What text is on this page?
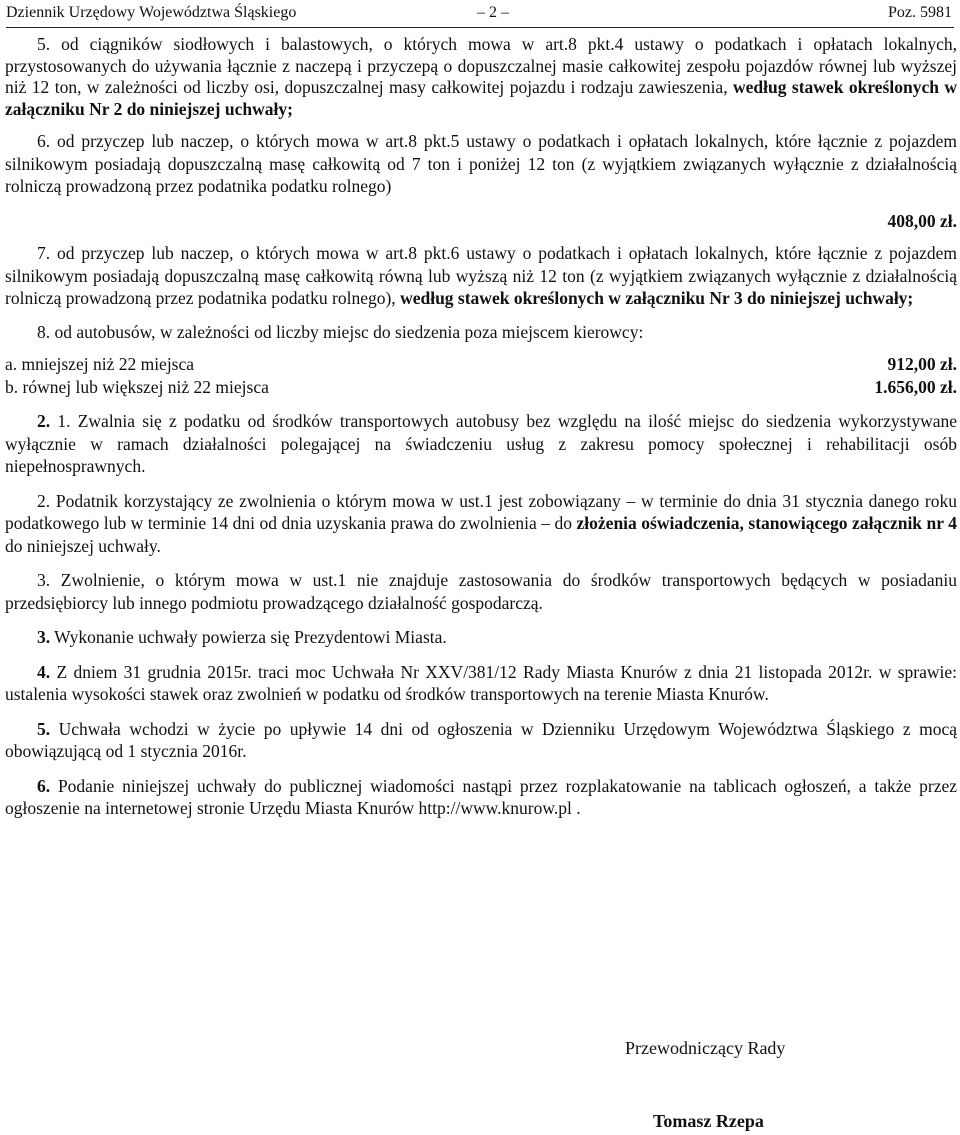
Dziennik Urzędowy Województwa Śląskiego	– 2 –	Poz. 5981

5. od ciągników siodłowych i balastowych, o których mowa w art.8 pkt.4 ustawy o podatkach i opłatach lokalnych, przystosowanych do używania łącznie z naczepą i przyczepą o dopuszczalnej masie całkowitej zespołu pojazdów równej lub wyższej niż 12 ton, w zależności od liczby osi, dopuszczalnej masy całkowitej pojazdu i rodzaju zawieszenia, według stawek określonych w załączniku Nr 2 do niniejszej uchwały;

6. od przyczep lub naczep, o których mowa w art.8 pkt.5 ustawy o podatkach i opłatach lokalnych, które łącznie z pojazdem silnikowym posiadają dopuszczalną masę całkowitą od 7 ton i poniżej 12 ton (z wyjątkiem związanych wyłącznie z działalnością rolniczą prowadzoną przez podatnika podatku rolnego)

408,00 zł.

7. od przyczep lub naczep, o których mowa w art.8 pkt.6 ustawy o podatkach i opłatach lokalnych, które łącznie z pojazdem silnikowym posiadają dopuszczalną masę całkowitą równą lub wyższą niż 12 ton (z wyjątkiem związanych wyłącznie z działalnością rolniczą prowadzoną przez podatnika podatku rolnego), według stawek określonych w załączniku Nr 3 do niniejszej uchwały;

8. od autobusów, w zależności od liczby miejsc do siedzenia poza miejscem kierowcy:

a. mniejszej niż 22 miejsca	912,00 zł.
b. równej lub większej niż 22 miejsca	1.656,00 zł.

2. 1. Zwalnia się z podatku od środków transportowych autobusy bez względu na ilość miejsc do siedzenia wykorzystywane wyłącznie w ramach działalności polegającej na świadczeniu usług z zakresu pomocy społecznej i rehabilitacji osób niepełnosprawnych.

2. Podatnik korzystający ze zwolnienia o którym mowa w ust.1 jest zobowiązany – w terminie do dnia 31 stycznia danego roku podatkowego lub w terminie 14 dni od dnia uzyskania prawa do zwolnienia – do złożenia oświadczenia, stanowiącego załącznik nr 4 do niniejszej uchwały.

3. Zwolnienie, o którym mowa w ust.1 nie znajduje zastosowania do środków transportowych będących w posiadaniu przedsiębiorcy lub innego podmiotu prowadzącego działalność gospodarczą.

3. Wykonanie uchwały powierza się Prezydentowi Miasta.

4. Z dniem 31 grudnia 2015r. traci moc Uchwała Nr XXV/381/12 Rady Miasta Knurów z dnia 21 listopada 2012r. w sprawie: ustalenia wysokości stawek oraz zwolnień w podatku od środków transportowych na terenie Miasta Knurów.

5. Uchwała wchodzi w życie po upływie 14 dni od ogłoszenia w Dzienniku Urzędowym Województwa Śląskiego z mocą obowiązującą od 1 stycznia 2016r.

6. Podanie niniejszej uchwały do publicznej wiadomości nastąpi przez rozplakatowanie na tablicach ogłoszeń, a także przez ogłoszenie na internetowej stronie Urzędu Miasta Knurów http://www.knurow.pl .

Przewodniczący Rady
Tomasz Rzepa
